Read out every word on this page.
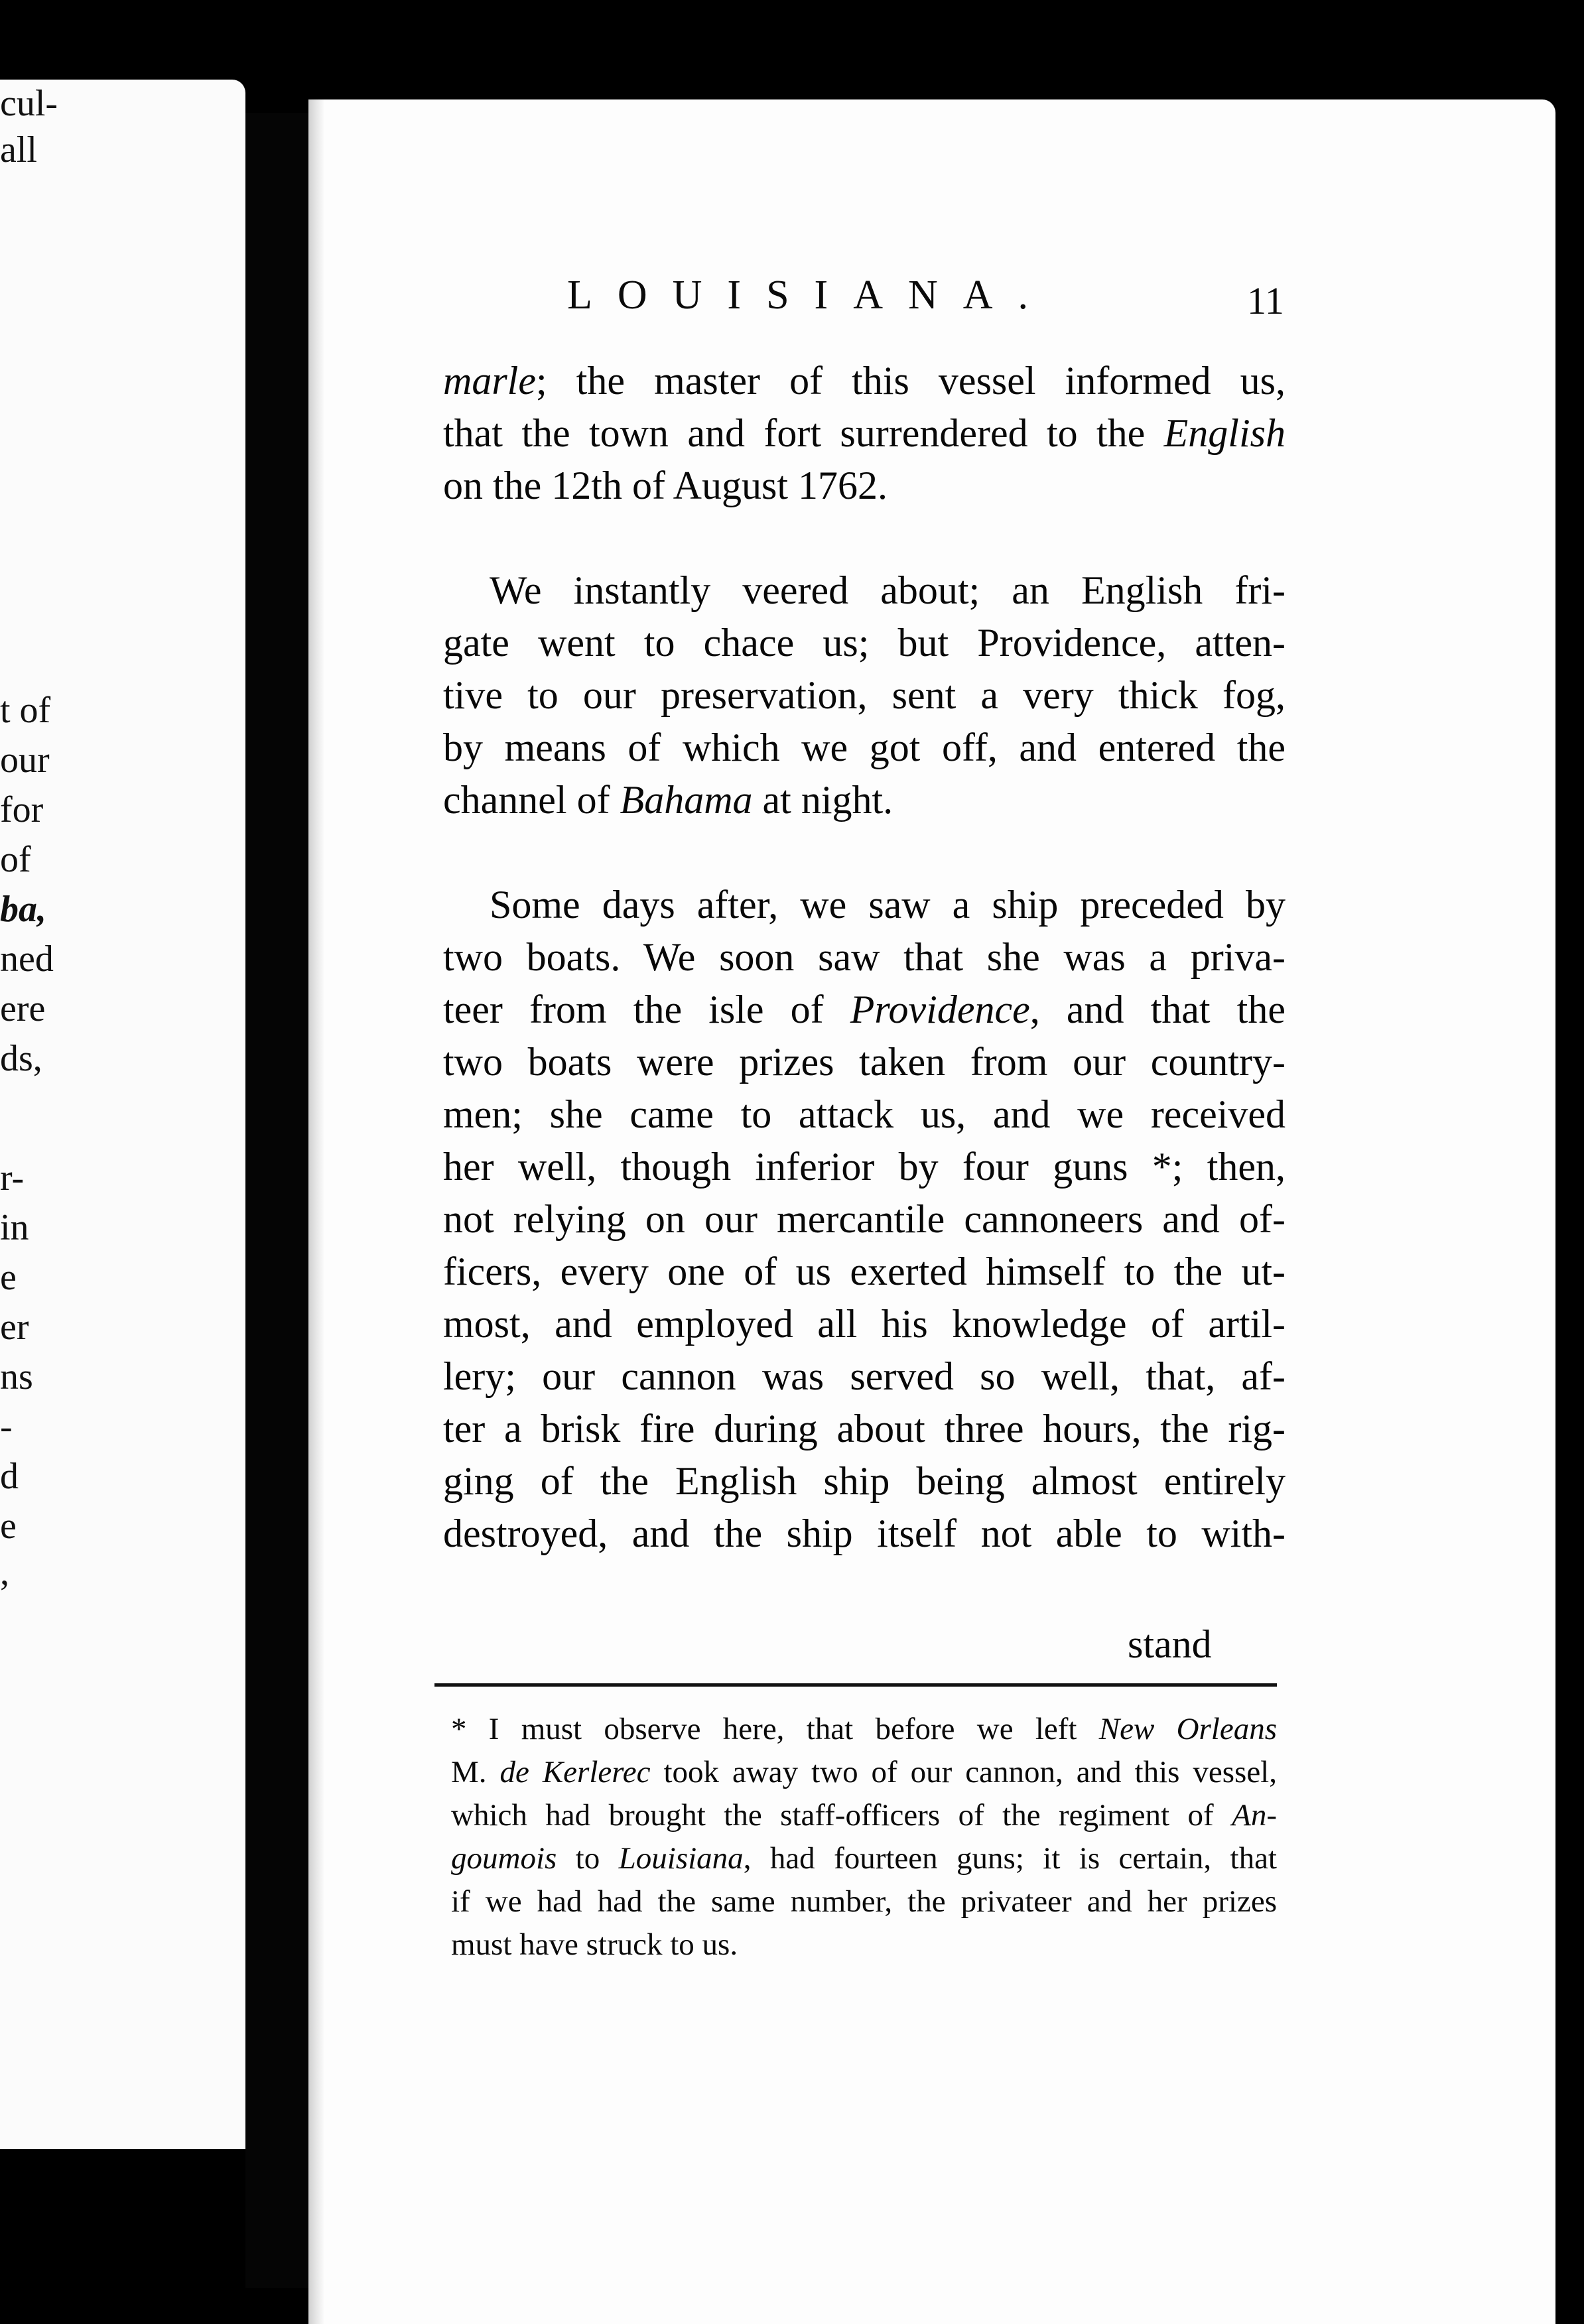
cul-
all
t of
our
for
of
ba,
ned
ere
ds,
r-
in
e
er
ns
-
d
e
,
LOUISIANA.	11

marle; the master of this vessel informed us,
that the town and fort surrendered to the English
on the 12th of August 1762.

We instantly veered about; an English fri-
gate went to chace us; but Providence, atten-
tive to our preservation, sent a very thick fog,
by means of which we got off, and entered the
channel of Bahama at night.

Some days after, we saw a ship preceded by
two boats. We soon saw that she was a priva-
teer from the isle of Providence, and that the
two boats were prizes taken from our country-
men; she came to attack us, and we received
her well, though inferior by four guns *; then,
not relying on our mercantile cannoneers and of-
ficers, every one of us exerted himself to the ut-
most, and employed all his knowledge of artil-
lery; our cannon was served so well, that, af-
ter a brisk fire during about three hours, the rig-
ging of the English ship being almost entirely
destroyed, and the ship itself not able to with-

stand

* I must observe here, that before we left New Orleans
M. de Kerlerec took away two of our cannon, and this vessel,
which had brought the staff-officers of the regiment of An-
goumois to Louisiana, had fourteen guns; it is certain, that
if we had had the same number, the privateer and her prizes
must have struck to us.
